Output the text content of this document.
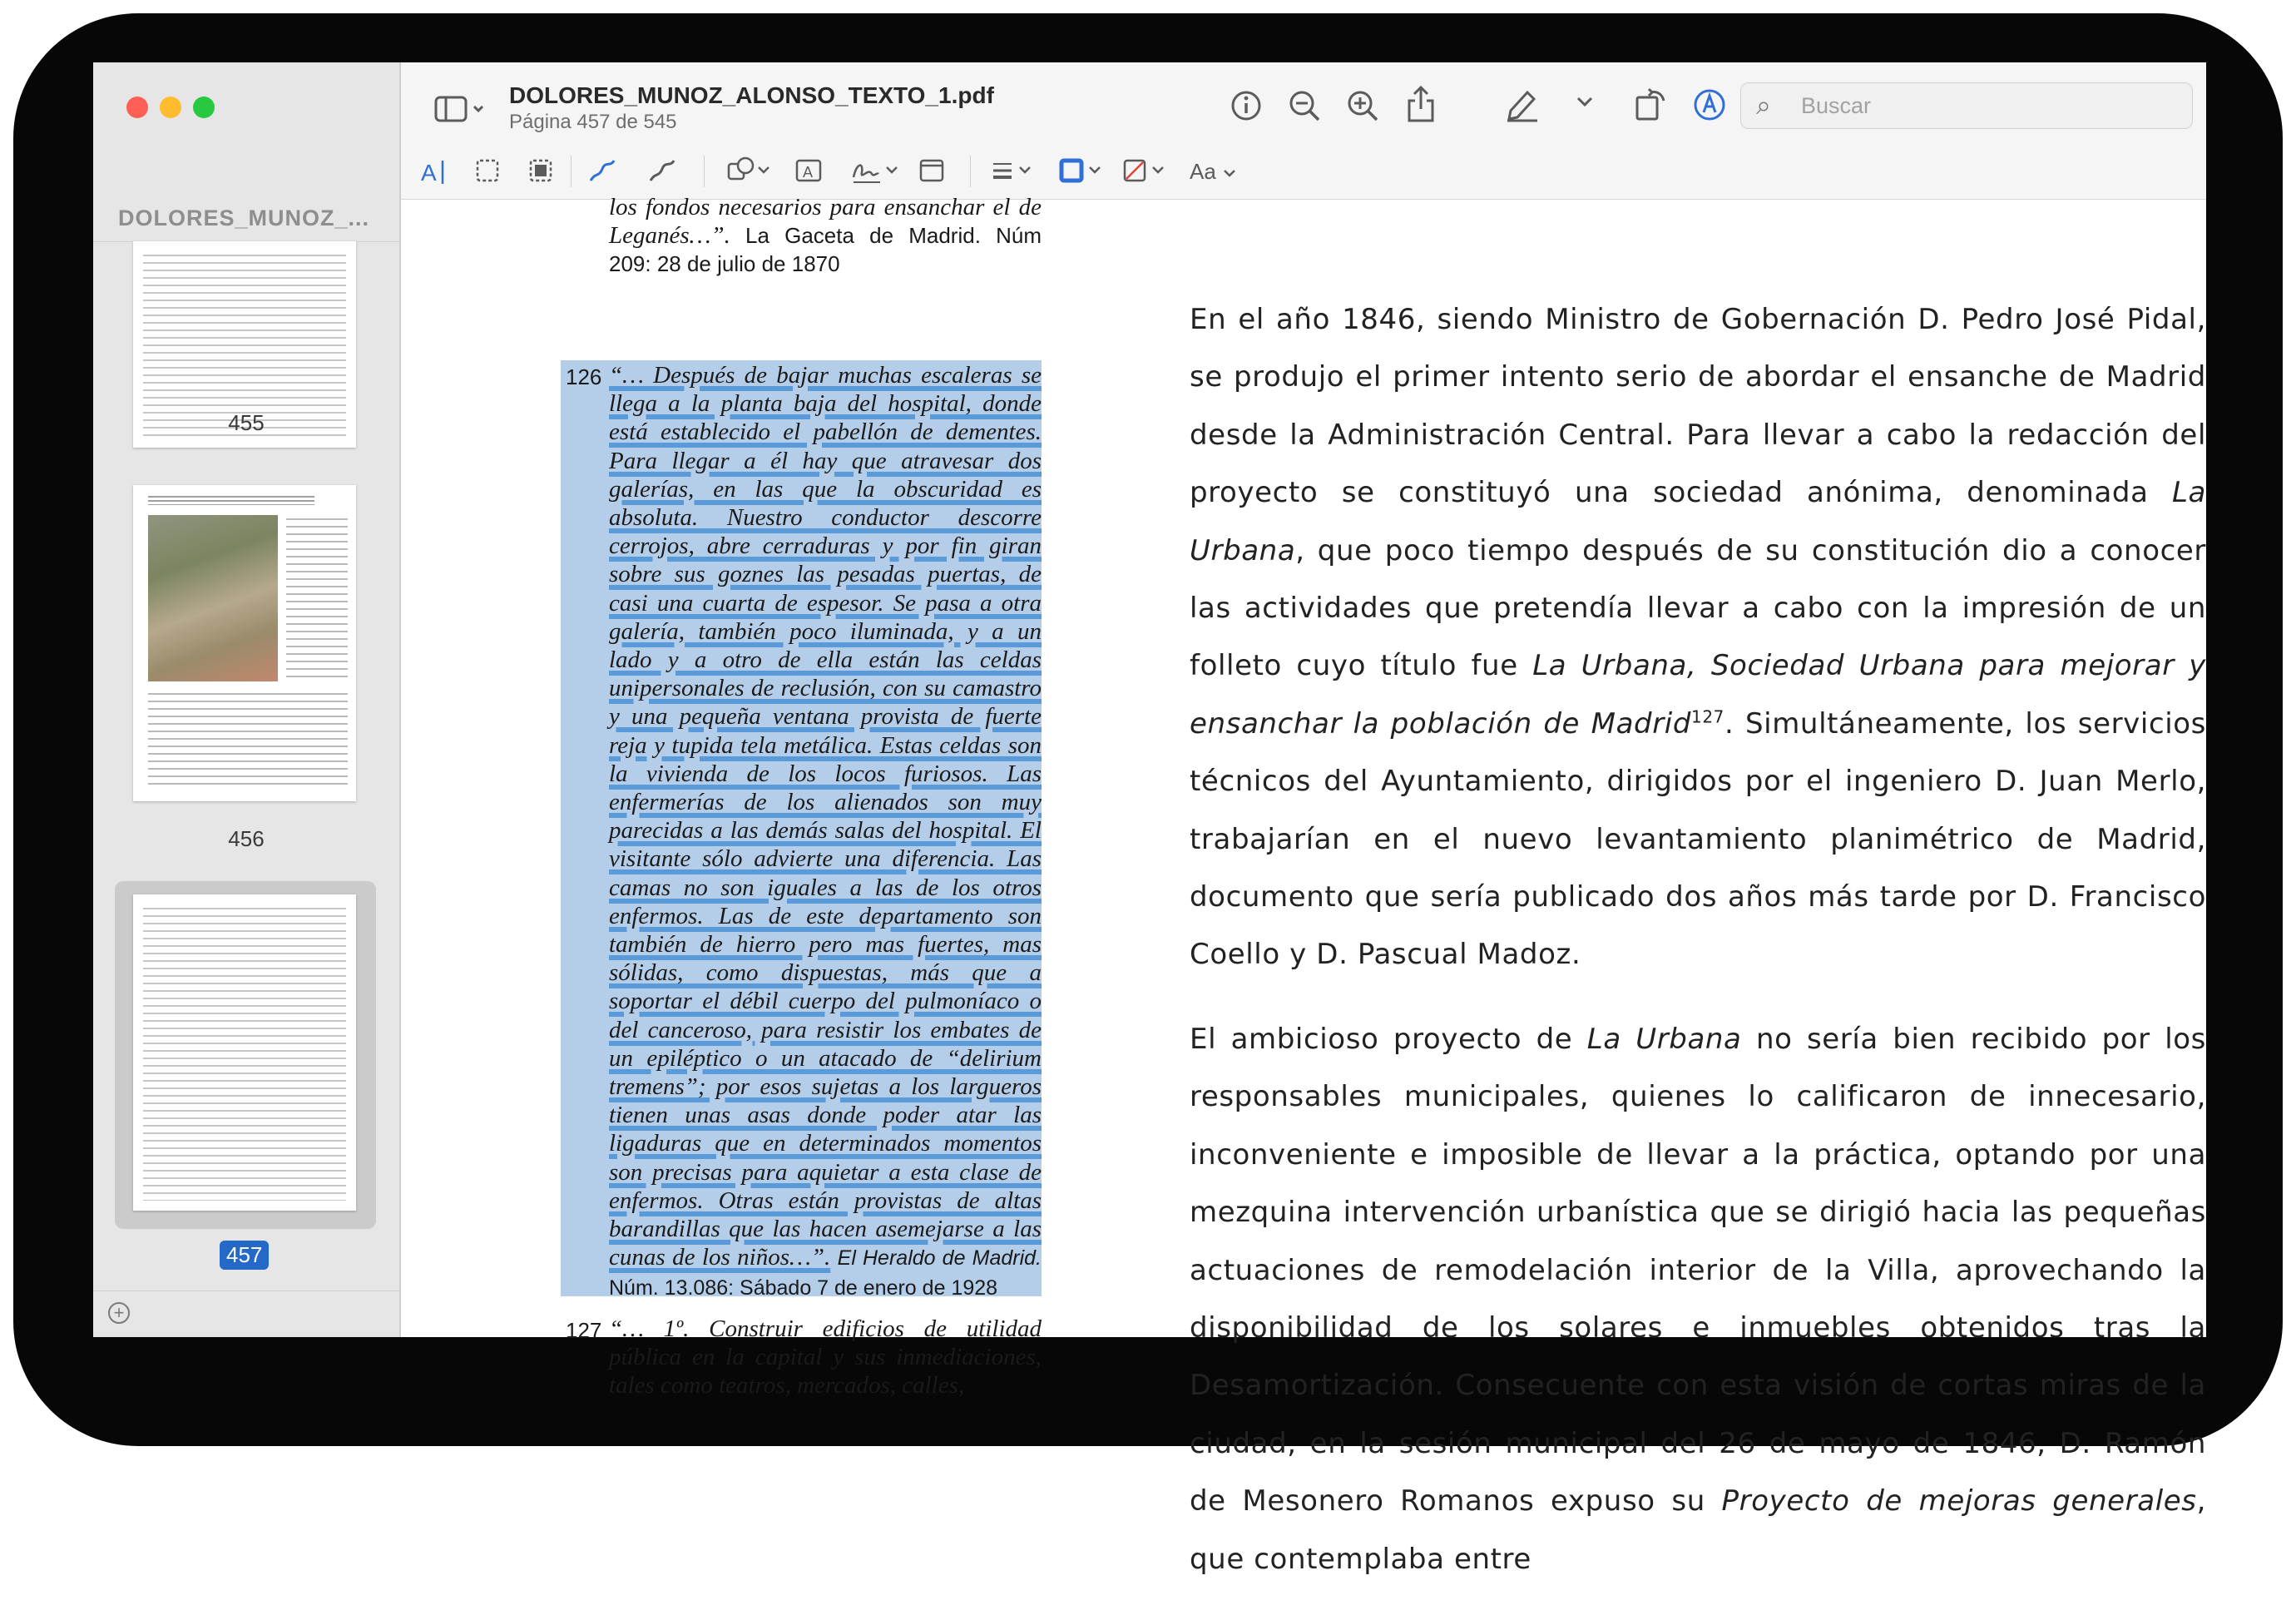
DOLORES_MUNOZ_...
455
456
457
+
DOLORES_MUNOZ_ALONSO_TEXTO_1.pdf
Página 457 de 545
⌕
Buscar
A	A	Aa
los fondos necesarios para ensanchar el de Leganés…”. La Gaceta de Madrid. Núm 209: 28 de julio de 1870
126 “… Después de bajar muchas escaleras se llega a la planta baja del hospital, donde está establecido el pabellón de dementes. Para llegar a él hay que atravesar dos galerías, en las que la obscuridad es absoluta. Nuestro conductor descorre cerrojos, abre cerraduras y por fin giran sobre sus goznes las pesadas puertas, de casi una cuarta de espesor. Se pasa a otra galería, también poco iluminada, y a un lado y a otro de ella están las celdas unipersonales de reclusión, con su camastro y una pequeña ventana provista de fuerte reja y tupida tela metálica. Estas celdas son la vivienda de los locos furiosos. Las enfermerías de los alienados son muy parecidas a las demás salas del hospital. El visitante sólo advierte una diferencia. Las camas no son iguales a las de los otros enfermos. Las de este departamento son también de hierro pero mas fuertes, mas sólidas, como dispuestas, más que a soportar el débil cuerpo del pulmoníaco o del canceroso, para resistir los embates de un epiléptico o un atacado de “delirium tremens”; por esos sujetas a los largueros tienen unas asas donde poder atar las ligaduras que en determinados momentos son precisas para aquietar a esta clase de enfermos. Otras están provistas de altas barandillas que las hacen asemejarse a las cunas de los niños…”. El Heraldo de Madrid. Núm. 13.086: Sábado 7 de enero de 1928
127 “… 1º. Construir edificios de utilidad pública en la capital y sus inmediaciones, tales como teatros, mercados, calles,

En el año 1846, siendo Ministro de Gobernación D. Pedro José Pidal, se produjo el primer intento serio de abordar el ensanche de Madrid desde la Administración Central. Para llevar a cabo la redacción del proyecto se constituyó una sociedad anónima, denominada La Urbana, que poco tiempo después de su constitución dio a conocer las actividades que pretendía llevar a cabo con la impresión de un folleto cuyo título fue La Urbana, Sociedad Urbana para mejorar y ensanchar la población de Madrid$^{127}$. Simultáneamente, los servicios técnicos del Ayuntamiento, dirigidos por el ingeniero D. Juan Merlo, trabajarían en el nuevo levantamiento planimétrico de Madrid, documento que sería publicado dos años más tarde por D. Francisco Coello y D. Pascual Madoz.

El ambicioso proyecto de La Urbana no sería bien recibido por los responsables municipales, quienes lo calificaron de innecesario, inconveniente e imposible de llevar a la práctica, optando por una mezquina intervención urbanística que se dirigió hacia las pequeñas actuaciones de remodelación interior de la Villa, aprovechando la disponibilidad de los solares e inmuebles obtenidos tras la Desamortización. Consecuente con esta visión de cortas miras de la ciudad, en la sesión municipal del 26 de mayo de 1846, D. Ramón de Mesonero Romanos expuso su Proyecto de mejoras generales, que contemplaba entre
